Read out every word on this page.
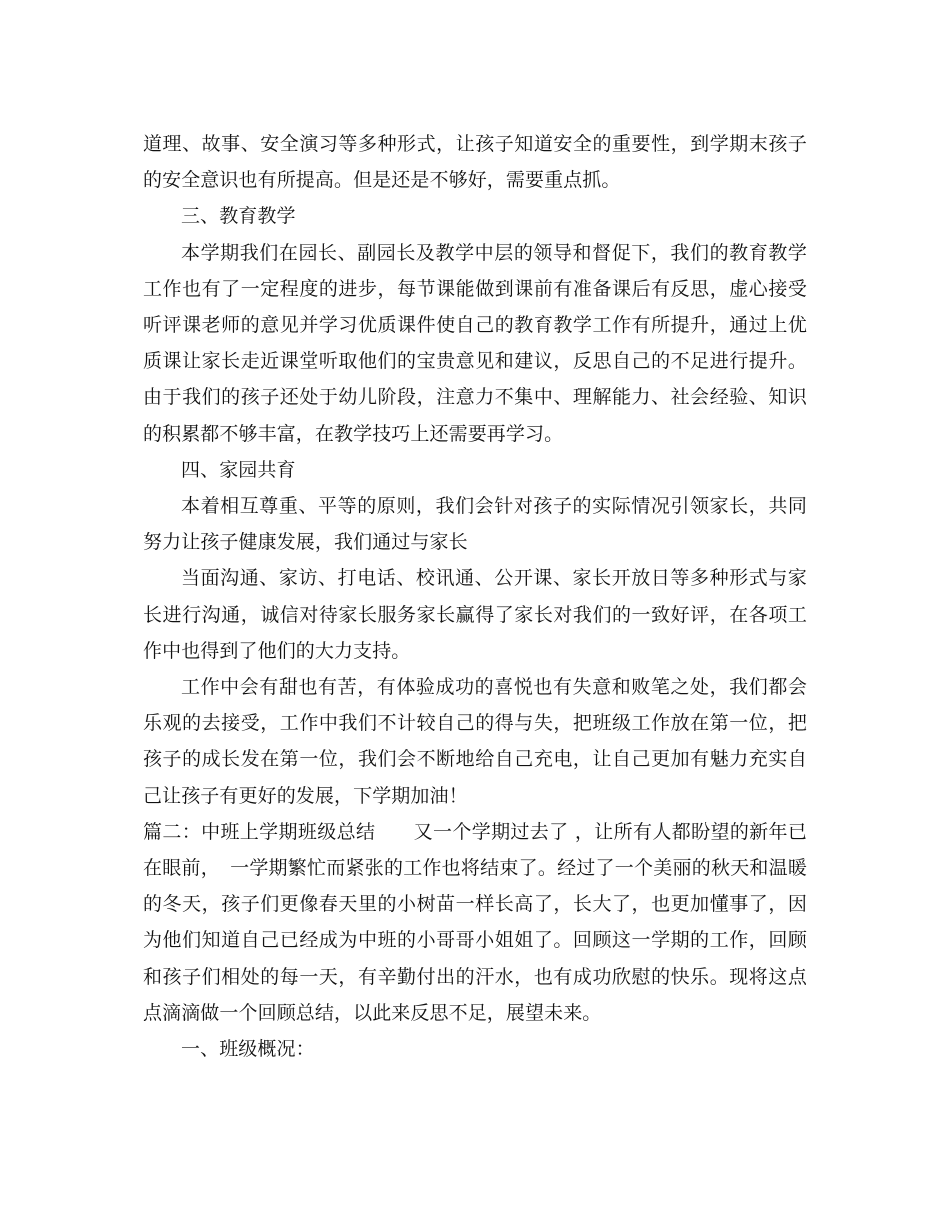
道理、故事、安全演习等多种形式，让孩子知道安全的重要性，到学期末孩子的安全意识也有所提高。但是还是不够好，需要重点抓。

三、教育教学

本学期我们在园长、副园长及教学中层的领导和督促下，我们的教育教学工作也有了一定程度的进步，每节课能做到课前有准备课后有反思，虚心接受听评课老师的意见并学习优质课件使自己的教育教学工作有所提升，通过上优质课让家长走近课堂听取他们的宝贵意见和建议，反思自己的不足进行提升。由于我们的孩子还处于幼儿阶段，注意力不集中、理解能力、社会经验、知识的积累都不够丰富，在教学技巧上还需要再学习。

四、家园共育

本着相互尊重、平等的原则，我们会针对孩子的实际情况引领家长，共同努力让孩子健康发展，我们通过与家长

当面沟通、家访、打电话、校讯通、公开课、家长开放日等多种形式与家长进行沟通，诚信对待家长服务家长赢得了家长对我们的一致好评，在各项工作中也得到了他们的大力支持。

工作中会有甜也有苦，有体验成功的喜悦也有失意和败笔之处，我们都会乐观的去接受，工作中我们不计较自己的得与失，把班级工作放在第一位，把孩子的成长发在第一位，我们会不断地给自己充电，让自己更加有魅力充实自己让孩子有更好的发展，下学期加油！

篇二：中班上学期班级总结 又一个学期过去了 ，让所有人都盼望的新年已在眼前， 一学期繁忙而紧张的工作也将结束了。经过了一个美丽的秋天和温暖的冬天，孩子们更像春天里的小树苗一样长高了，长大了，也更加懂事了，因为他们知道自己已经成为中班的小哥哥小姐姐了。回顾这一学期的工作，回顾和孩子们相处的每一天，有辛勤付出的汗水，也有成功欣慰的快乐。现将这点点滴滴做一个回顾总结，以此来反思不足，展望未来。

一、班级概况：
